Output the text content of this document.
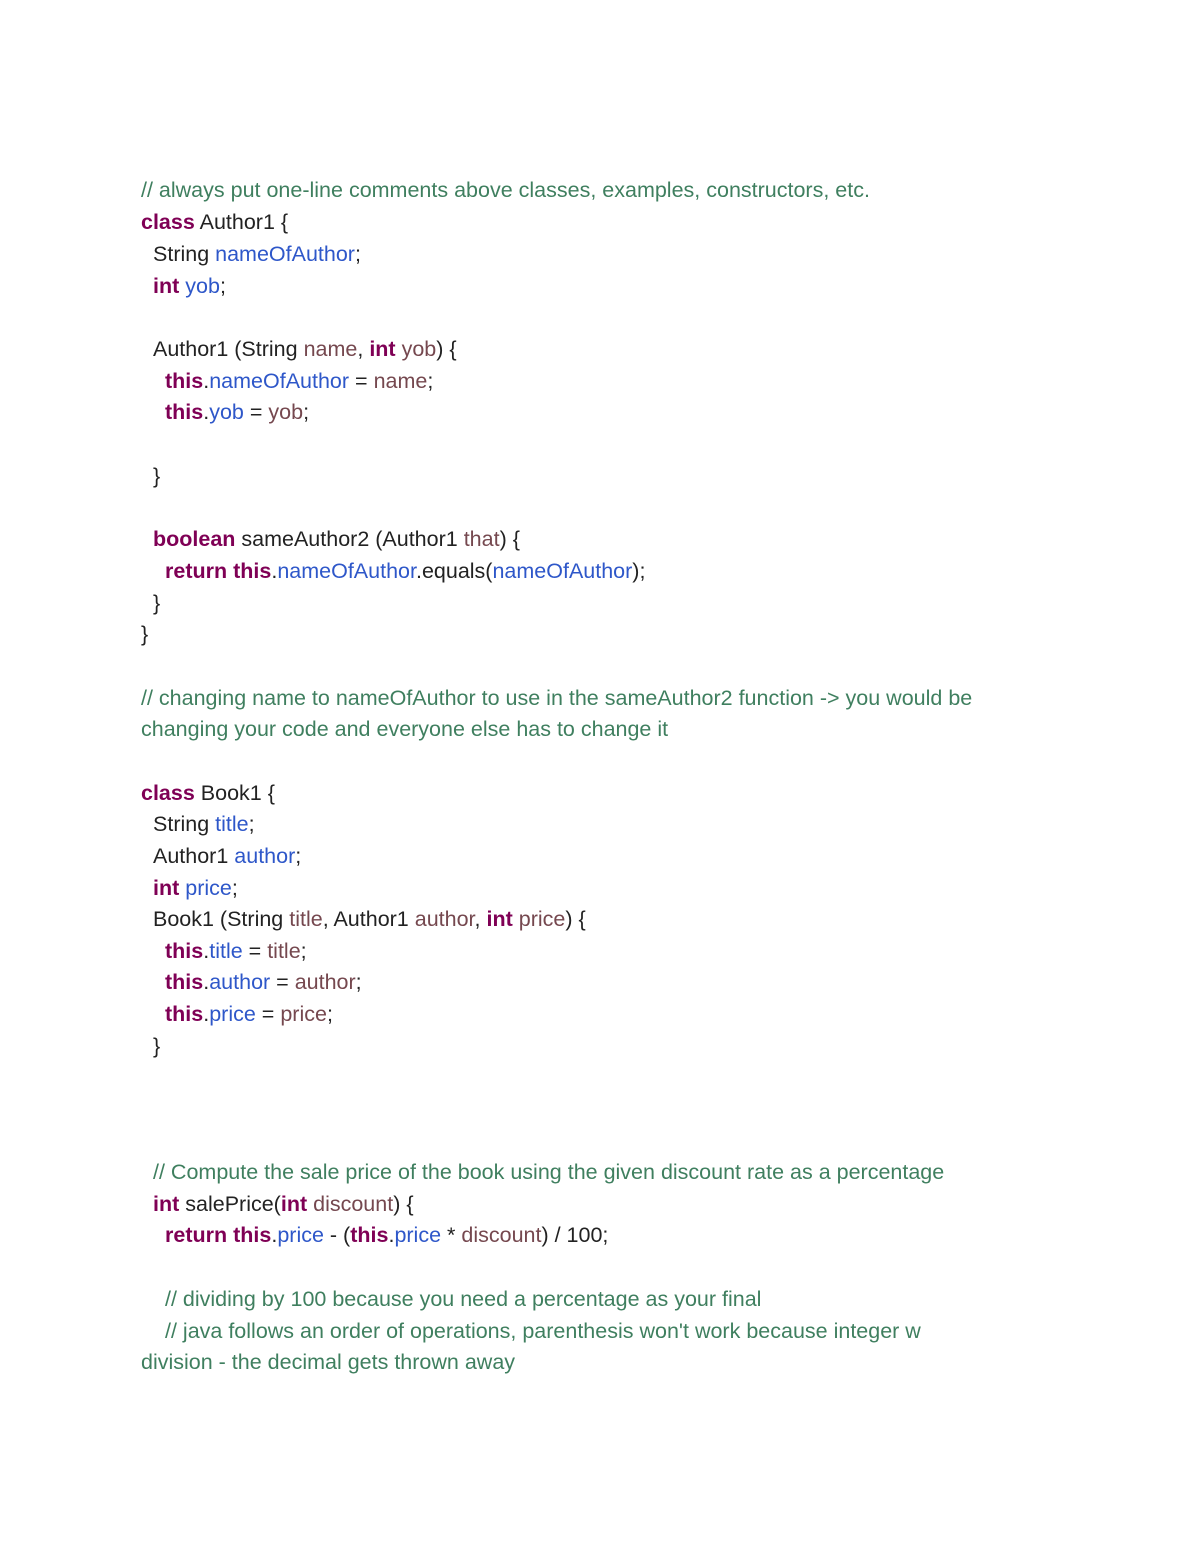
// always put one-line comments above classes, examples, constructors, etc.
class Author1 {
String nameOfAuthor;
int yob;
Author1 (String name, int yob) {
this.nameOfAuthor = name;
this.yob = yob;
}
boolean sameAuthor2 (Author1 that) {
return this.nameOfAuthor.equals(nameOfAuthor);
}
}
// changing name to nameOfAuthor to use in the sameAuthor2 function -> you would be
changing your code and everyone else has to change it
class Book1 {
String title;
Author1 author;
int price;
Book1 (String title, Author1 author, int price) {
this.title = title;
this.author = author;
this.price = price;
}
// Compute the sale price of the book using the given discount rate as a percentage
int salePrice(int discount) {
return this.price - (this.price * discount) / 100;
// dividing by 100 because you need a percentage as your final
// java follows an order of operations, parenthesis won't work because integer w
division - the decimal gets thrown away
